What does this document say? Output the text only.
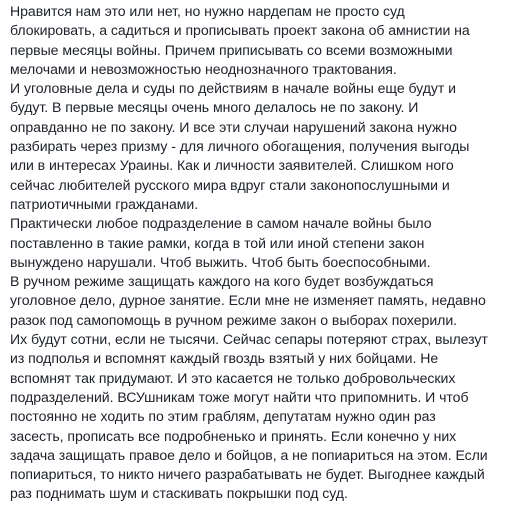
Нравится нам это или нет, но нужно нардепам не просто суд
блокировать, а садиться и прописывать проект закона об амнистии на
первые месяцы войны. Причем приписывать со всеми возможными
мелочами и невозможностью неоднозначного трактования.
И уголовные дела и суды по действиям в начале войны еще будут и
будут. В первые месяцы очень много делалось не по закону. И
оправданно не по закону. И все эти случаи нарушений закона нужно
разбирать через призму - для личного обогащения, получения выгоды
или в интересах Ураины. Как и личности заявителей. Слишком ного
сейчас любителей русского мира вдруг стали законопослушными и
патриотичными гражданами.
Практически любое подразделение в самом начале войны было
поставленно в такие рамки, когда в той или иной степени закон
вынуждено нарушали. Чтоб выжить. Чтоб быть боеспособными.
В ручном режиме защищать каждого на кого будет возбуждаться
уголовное дело, дурное занятие. Если мне не изменяет память, недавно
разок под самопомощь в ручном режиме закон о выборах похерили.
Их будут сотни, если не тысячи. Сейчас сепары потеряют страх, вылезут
из подполья и вспомнят каждый гвоздь взятый у них бойцами. Не
вспомнят так придумают. И это касается не только добровольческих
подразделений. ВСУшникам тоже могут найти что припомнить. И чтоб
постоянно не ходить по этим граблям, депутатам нужно один раз
засесть, прописать все подробненько и принять. Если конечно у них
задача защищать правое дело и бойцов, а не попиариться на этом. Если
попиариться, то никто ничего разрабатывать не будет. Выгоднее каждый
раз поднимать шум и стаскивать покрышки под суд.
